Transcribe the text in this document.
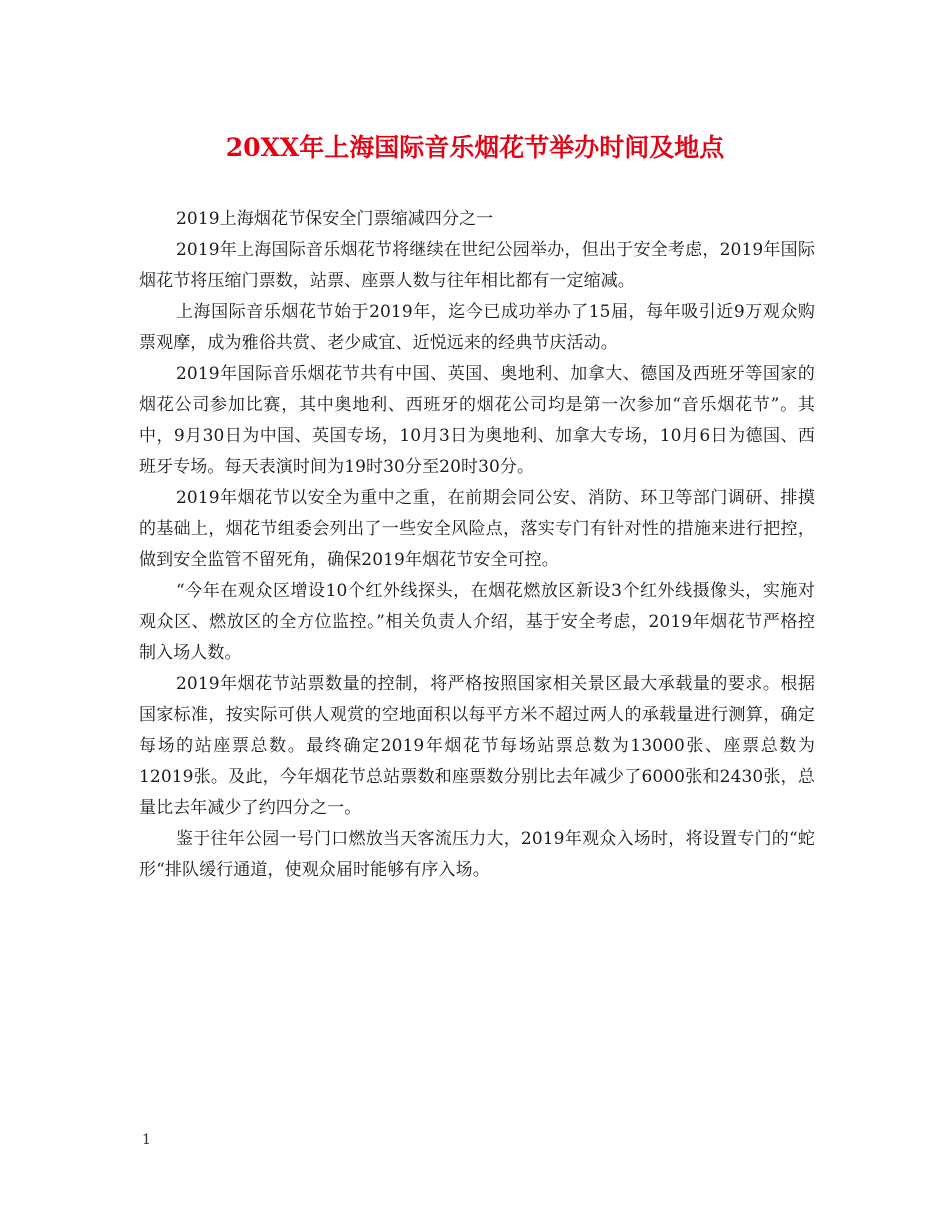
20XX年上海国际音乐烟花节举办时间及地点

2019上海烟花节保安全门票缩减四分之一

2019年上海国际音乐烟花节将继续在世纪公园举办，但出于安全考虑，2019年国际烟花节将压缩门票数，站票、座票人数与往年相比都有一定缩减。

上海国际音乐烟花节始于2019年，迄今已成功举办了15届，每年吸引近9万观众购票观摩，成为雅俗共赏、老少咸宜、近悦远来的经典节庆活动。

2019年国际音乐烟花节共有中国、英国、奥地利、加拿大、德国及西班牙等国家的烟花公司参加比赛，其中奥地利、西班牙的烟花公司均是第一次参加“音乐烟花节”。其中，9月30日为中国、英国专场，10月3日为奥地利、加拿大专场，10月6日为德国、西班牙专场。每天表演时间为19时30分至20时30分。

2019年烟花节以安全为重中之重，在前期会同公安、消防、环卫等部门调研、排摸的基础上，烟花节组委会列出了一些安全风险点，落实专门有针对性的措施来进行把控，做到安全监管不留死角，确保2019年烟花节安全可控。

“今年在观众区增设10个红外线探头，在烟花燃放区新设3个红外线摄像头，实施对观众区、燃放区的全方位监控。”相关负责人介绍，基于安全考虑，2019年烟花节严格控制入场人数。

2019年烟花节站票数量的控制，将严格按照国家相关景区最大承载量的要求。根据国家标准，按实际可供人观赏的空地面积以每平方米不超过两人的承载量进行测算，确定每场的站座票总数。最终确定2019年烟花节每场站票总数为13000张、座票总数为12019张。及此，今年烟花节总站票数和座票数分别比去年减少了6000张和2430张，总量比去年减少了约四分之一。

鉴于往年公园一号门口燃放当天客流压力大，2019年观众入场时，将设置专门的“蛇形“排队缓行通道，使观众届时能够有序入场。

1
